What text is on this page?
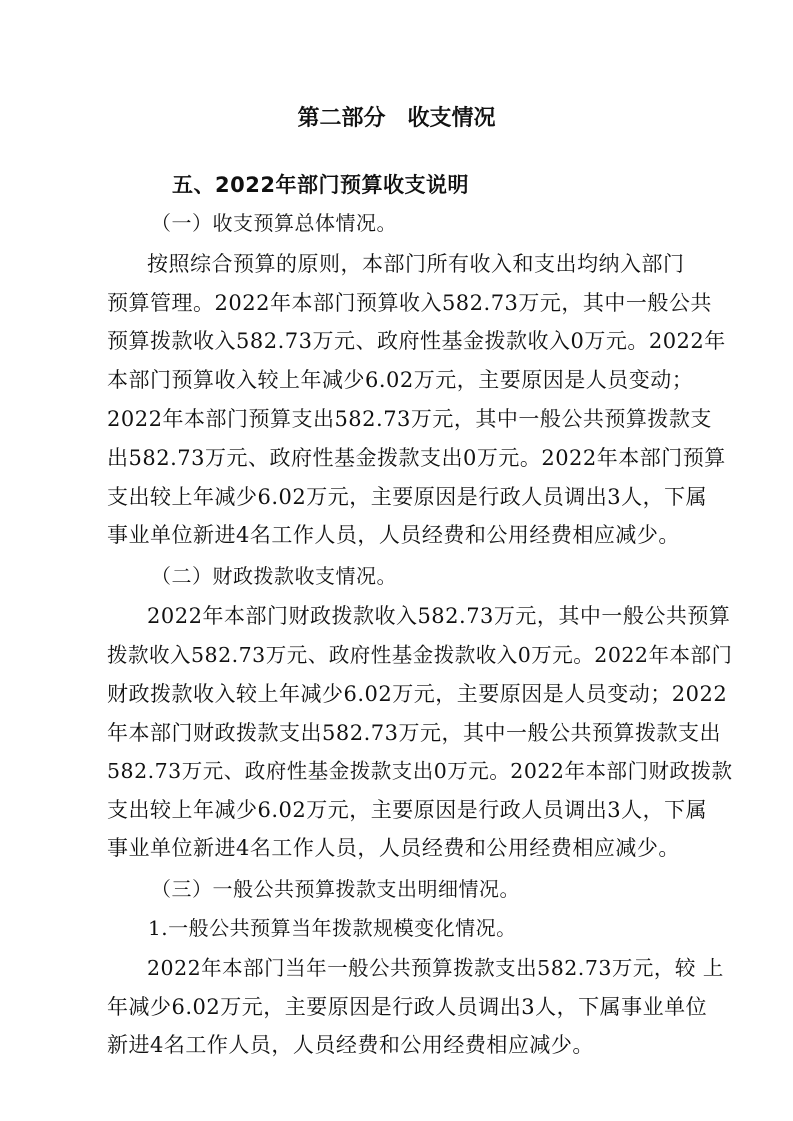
第二部分　收支情况
五、2022年部门预算收支说明
（一）收支预算总体情况。
按照综合预算的原则，本部门所有收入和支出均纳入部门
预算管理。2022年本部门预算收入582.73万元，其中一般公共
预算拨款收入582.73万元、政府性基金拨款收入0万元。2022年
本部门预算收入较上年减少6.02万元，主要原因是人员变动；
2022年本部门预算支出582.73万元，其中一般公共预算拨款支
出582.73万元、政府性基金拨款支出0万元。2022年本部门预算
支出较上年减少6.02万元，主要原因是行政人员调出3人，下属
事业单位新进4名工作人员，人员经费和公用经费相应减少。
（二）财政拨款收支情况。
2022年本部门财政拨款收入582.73万元，其中一般公共预算
拨款收入582.73万元、政府性基金拨款收入0万元。2022年本部门
财政拨款收入较上年减少6.02万元，主要原因是人员变动；2022
年本部门财政拨款支出582.73万元，其中一般公共预算拨款支出
582.73万元、政府性基金拨款支出0万元。2022年本部门财政拨款
支出较上年减少6.02万元，主要原因是行政人员调出3人，下属
事业单位新进4名工作人员，人员经费和公用经费相应减少。
（三）一般公共预算拨款支出明细情况。
1.一般公共预算当年拨款规模变化情况。
2022年本部门当年一般公共预算拨款支出582.73万元，较 上
年减少6.02万元，主要原因是行政人员调出3人，下属事业单位
新进4名工作人员，人员经费和公用经费相应减少。
